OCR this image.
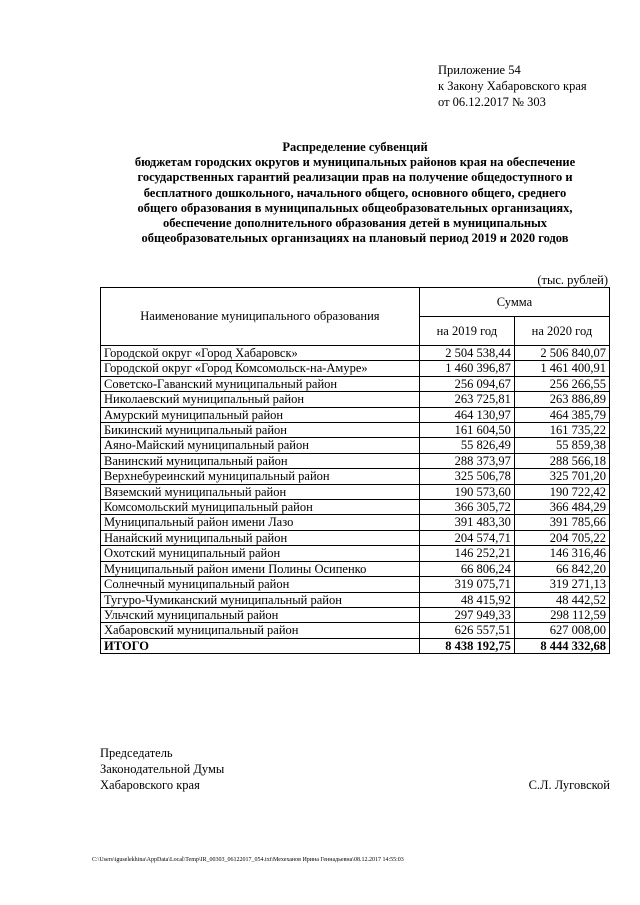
Приложение 54
к Закону Хабаровского края
от 06.12.2017 № 303
Распределение субвенций
бюджетам городских округов и муниципальных районов края на обеспечение
государственных гарантий реализации прав на получение общедоступного и
бесплатного дошкольного, начального общего, основного общего, среднего
общего образования в муниципальных общеобразовательных организациях,
обеспечение дополнительного образования детей в муниципальных
общеобразовательных организациях на плановый период 2019 и 2020 годов
(тыс. рублей)
Наименование муниципального образования	Сумма	
	на 2019 год	на 2020 год
Городской округ «Город Хабаровск»	2 504 538,44	2 506 840,07
Городской округ «Город Комсомольск-на-Амуре»	1 460 396,87	1 461 400,91
Советско-Гаванский муниципальный район	256 094,67	256 266,55
Николаевский муниципальный район	263 725,81	263 886,89
Амурский муниципальный район	464 130,97	464 385,79
Бикинский муниципальный район	161 604,50	161 735,22
Аяно-Майский муниципальный район	55 826,49	55 859,38
Ванинский муниципальный район	288 373,97	288 566,18
Верхнебуреинский муниципальный район	325 506,78	325 701,20
Вяземский муниципальный район	190 573,60	190 722,42
Комсомольский муниципальный район	366 305,72	366 484,29
Муниципальный район имени Лазо	391 483,30	391 785,66
Нанайский муниципальный район	204 574,71	204 705,22
Охотский муниципальный район	146 252,21	146 316,46
Муниципальный район имени Полины Осипенко	66 806,24	66 842,20
Солнечный муниципальный район	319 075,71	319 271,13
Тугуро-Чумиканский муниципальный район	48 415,92	48 442,52
Ульчский муниципальный район	297 949,33	298 112,59
Хабаровский муниципальный район	626 557,51	627 008,00
ИТОГО	8 438 192,75	8 444 332,68
Председатель
Законодательной Думы
Хабаровского края	С.Л. Луговской
C:\Users\iguselekhina\AppData\Local\Temp\IR_00303_06122017_054.txt\Мехеханов Ирина Геннадьевна\08.12.2017 14:55:03
